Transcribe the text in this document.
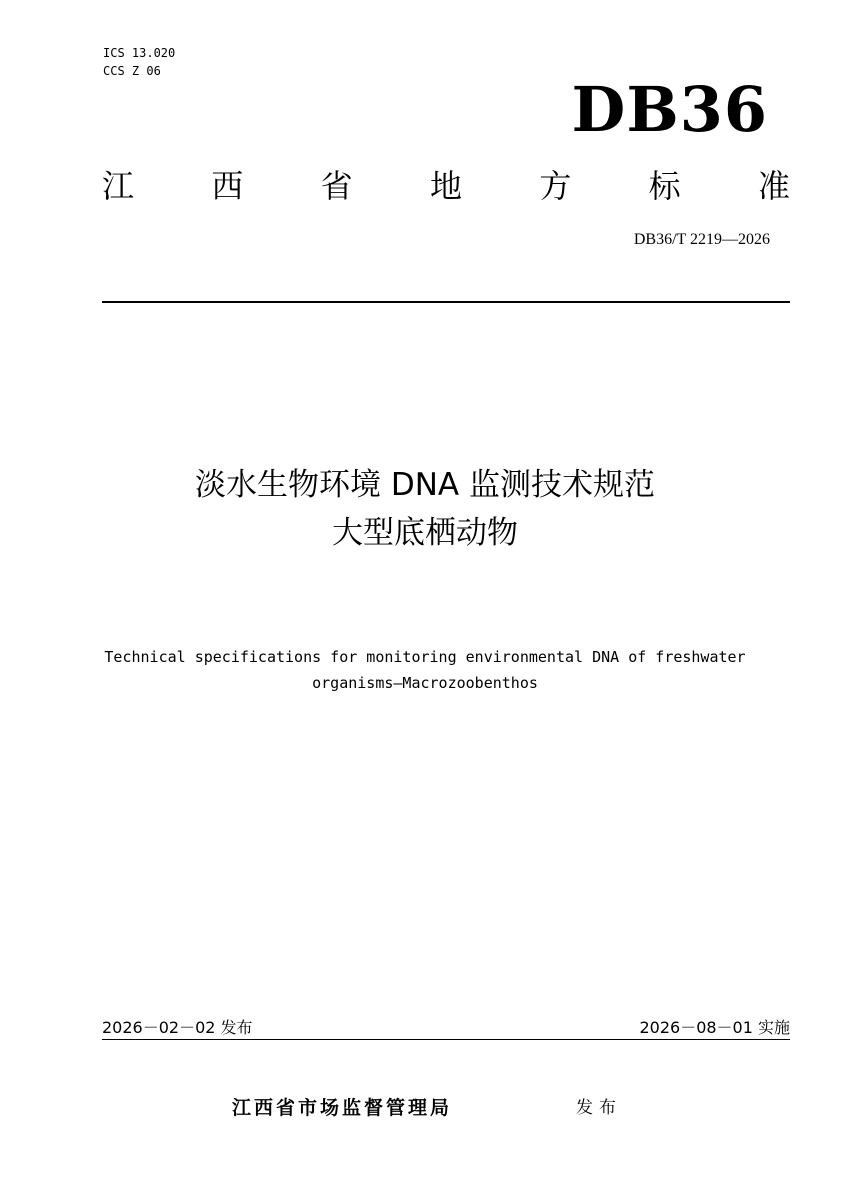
ICS 13.020
CCS Z 06
DB36
江 西 省 地 方 标 准
DB36/T 2219—2026
淡水生物环境 DNA 监测技术规范
大型底栖动物
Technical specifications for monitoring environmental DNA of freshwater
organisms—Macrozoobenthos
2026－02－02 发布	2026－08－01 实施
江西省市场监督管理局	发布
